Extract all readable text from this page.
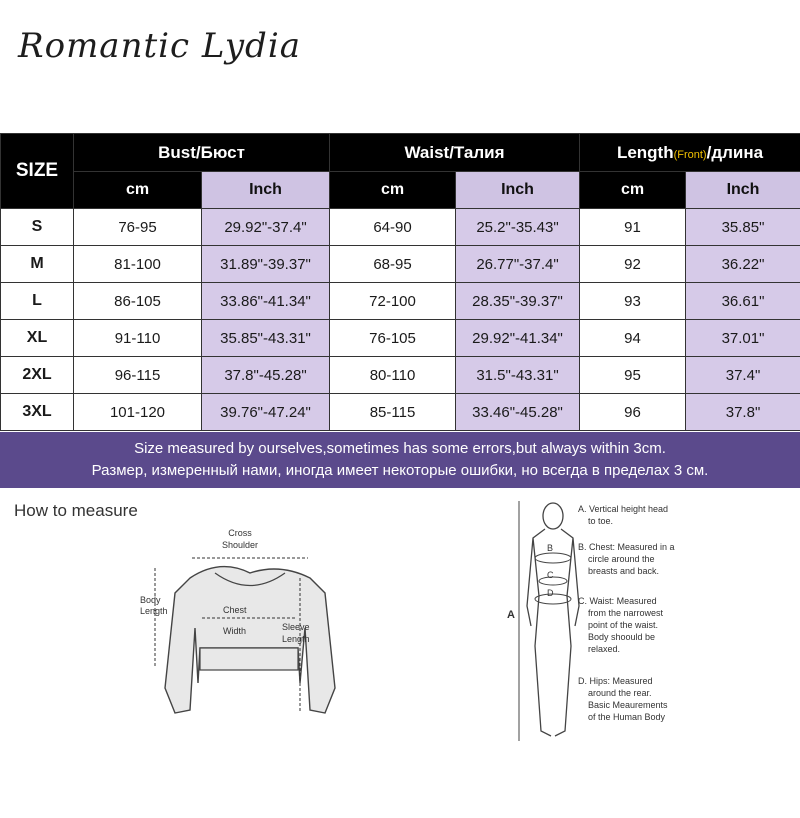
Romantic Lydia
SIZE	Bust/Бюст		Waist/Талия		Length(Front)/длина	
	cm	Inch	cm	Inch	cm	Inch
S	76-95	29.92"-37.4"	64-90	25.2"-35.43"	91	35.85"
M	81-100	31.89"-39.37"	68-95	26.77"-37.4"	92	36.22"
L	86-105	33.86"-41.34"	72-100	28.35"-39.37"	93	36.61"
XL	91-110	35.85"-43.31"	76-105	29.92"-41.34"	94	37.01"
2XL	96-115	37.8"-45.28"	80-110	31.5"-43.31"	95	37.4"
3XL	101-120	39.76"-47.24"	85-115	33.46"-45.28"	96	37.8"
Size measured by ourselves,sometimes has some errors,but always within 3cm.
Размер, измеренный нами, иногда имеет некоторые ошибки, но всегда в пределах 3 см.
How to measure
Cross
Shoulder
Body
Length	Chest
Width	Sleeve
Length
A
B
C
D
A. Vertical height head to toe.
B. Chest: Measured in a circle around the breasts and back.
C. Waist: Measured from the narrowest point of the waist. Body shoould be relaxed.
D. Hips: Measured around the rear. Basic Meaurements of the Human Body
